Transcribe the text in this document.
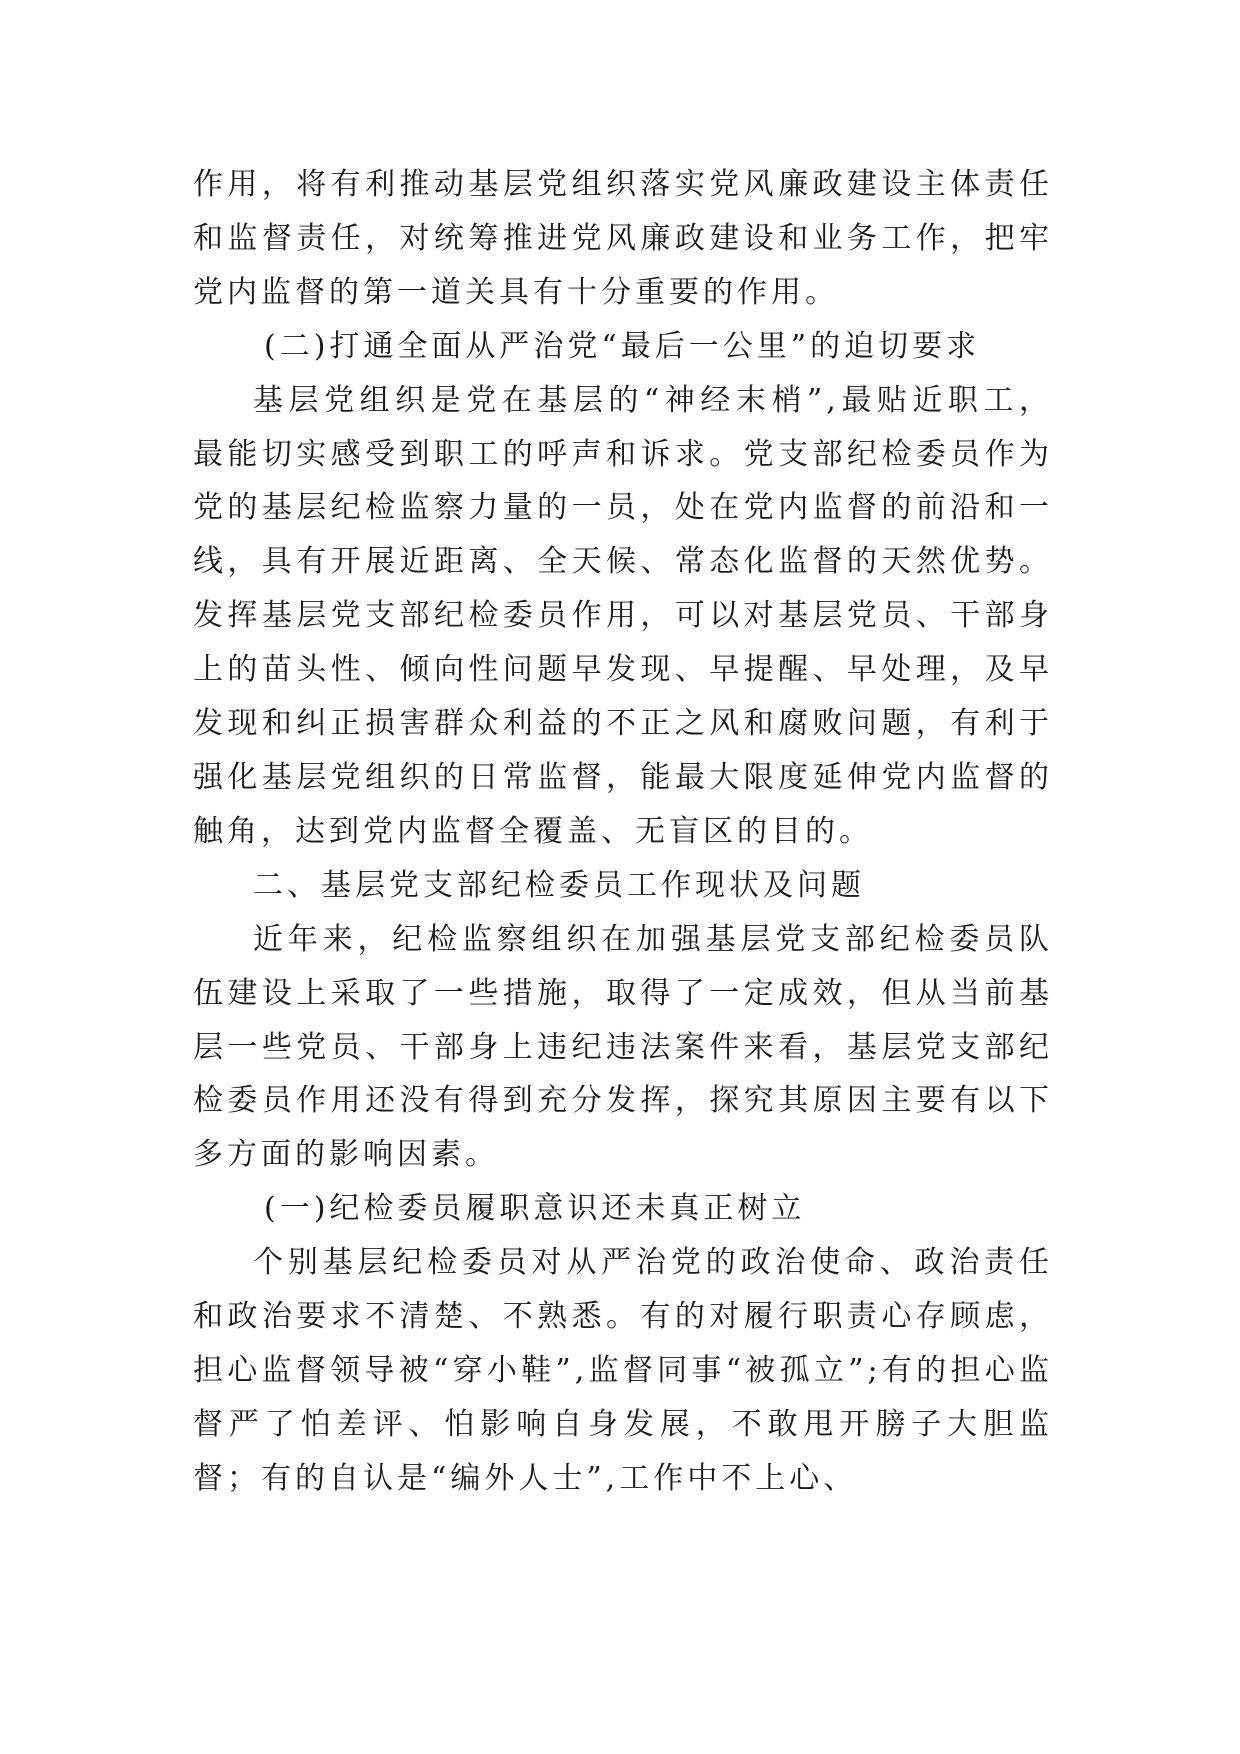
作用，将有利推动基层党组织落实党风廉政建设主体责任和监督责任，对统筹推进党风廉政建设和业务工作，把牢党内监督的第一道关具有十分重要的作用。

(二)打通全面从严治党“最后一公里”的迫切要求

基层党组织是党在基层的“神经末梢”,最贴近职工，最能切实感受到职工的呼声和诉求。党支部纪检委员作为党的基层纪检监察力量的一员，处在党内监督的前沿和一线，具有开展近距离、全天候、常态化监督的天然优势。发挥基层党支部纪检委员作用，可以对基层党员、干部身上的苗头性、倾向性问题早发现、早提醒、早处理，及早发现和纠正损害群众利益的不正之风和腐败问题，有利于强化基层党组织的日常监督，能最大限度延伸党内监督的触角，达到党内监督全覆盖、无盲区的目的。

二、基层党支部纪检委员工作现状及问题

近年来，纪检监察组织在加强基层党支部纪检委员队伍建设上采取了一些措施，取得了一定成效，但从当前基层一些党员、干部身上违纪违法案件来看，基层党支部纪检委员作用还没有得到充分发挥，探究其原因主要有以下多方面的影响因素。

(一)纪检委员履职意识还未真正树立

个别基层纪检委员对从严治党的政治使命、政治责任和政治要求不清楚、不熟悉。有的对履行职责心存顾虑，担心监督领导被“穿小鞋”,监督同事“被孤立”;有的担心监督严了怕差评、怕影响自身发展，不敢甩开膀子大胆监督；有的自认是“编外人士”,工作中不上心、
